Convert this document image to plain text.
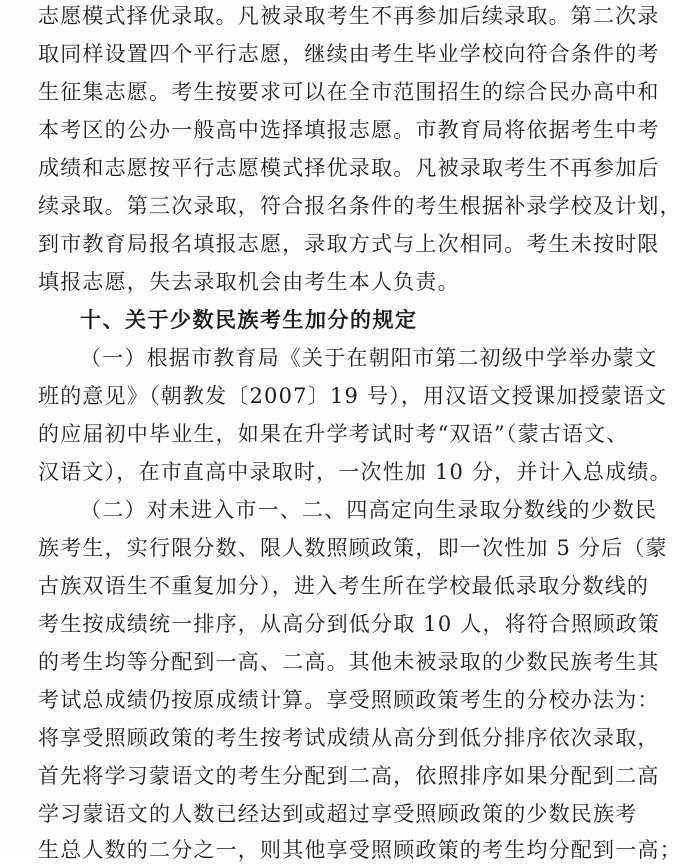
志愿模式择优录取。凡被录取考生不再参加后续录取。第二次录
取同样设置四个平行志愿，继续由考生毕业学校向符合条件的考
生征集志愿。考生按要求可以在全市范围招生的综合民办高中和
本考区的公办一般高中选择填报志愿。市教育局将依据考生中考
成绩和志愿按平行志愿模式择优录取。凡被录取考生不再参加后
续录取。第三次录取，符合报名条件的考生根据补录学校及计划，
到市教育局报名填报志愿，录取方式与上次相同。考生未按时限
填报志愿，失去录取机会由考生本人负责。
十、关于少数民族考生加分的规定
（一）根据市教育局《关于在朝阳市第二初级中学举办蒙文
班的意见》（朝教发〔2007〕19 号），用汉语文授课加授蒙语文
的应届初中毕业生，如果在升学考试时考“双语”（蒙古语文、
汉语文），在市直高中录取时，一次性加 10 分，并计入总成绩。
（二）对未进入市一、二、四高定向生录取分数线的少数民
族考生，实行限分数、限人数照顾政策，即一次性加 5 分后（蒙
古族双语生不重复加分），进入考生所在学校最低录取分数线的
考生按成绩统一排序，从高分到低分取 10 人，将符合照顾政策
的考生均等分配到一高、二高。其他未被录取的少数民族考生其
考试总成绩仍按原成绩计算。享受照顾政策考生的分校办法为：
将享受照顾政策的考生按考试成绩从高分到低分排序依次录取，
首先将学习蒙语文的考生分配到二高，依照排序如果分配到二高
学习蒙语文的人数已经达到或超过享受照顾政策的少数民族考
生总人数的二分之一，则其他享受照顾政策的考生均分配到一高；
